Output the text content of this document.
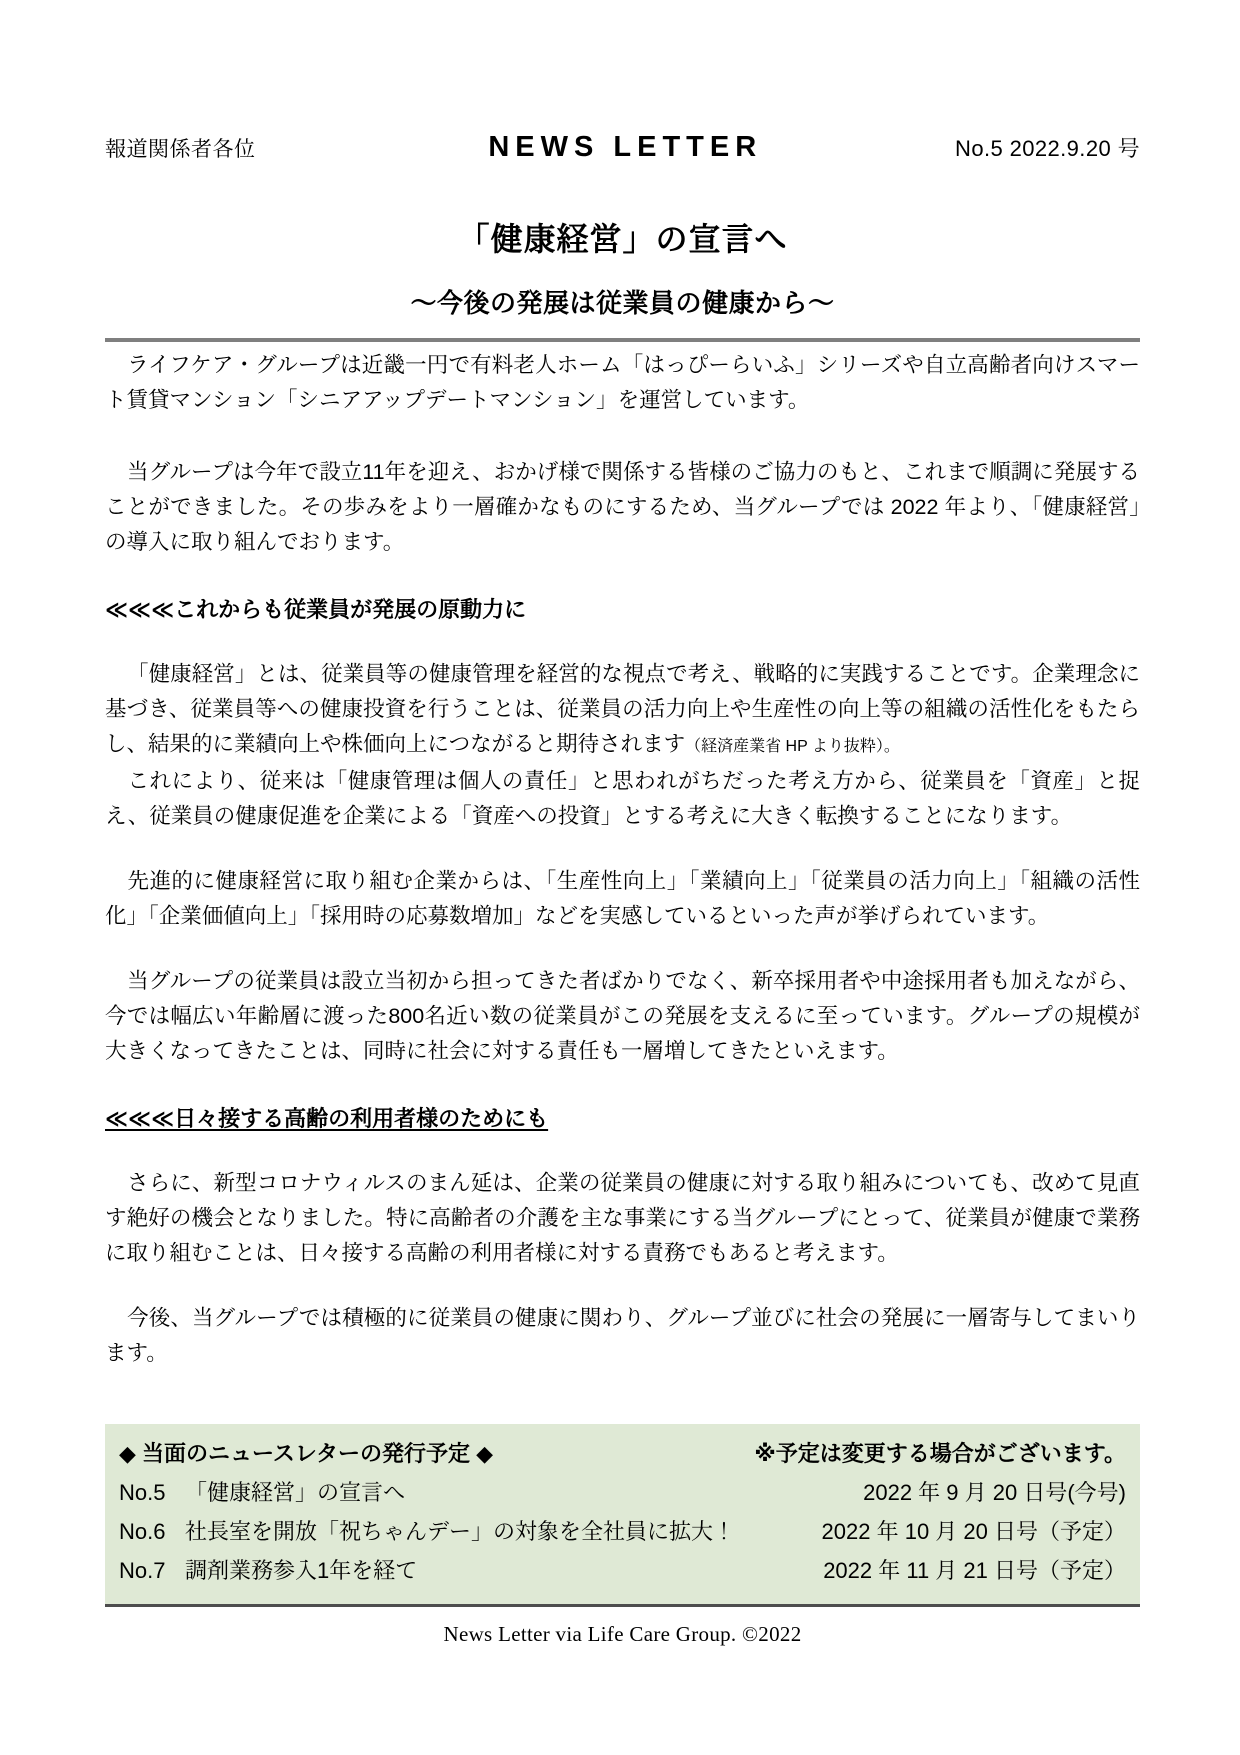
報道関係者各位	NEWS LETTER	No.5 2022.9.20 号
「健康経営」の宣言へ
〜今後の発展は従業員の健康から〜

ライフケア・グループは近畿一円で有料老人ホーム「はっぴーらいふ」シリーズや自立高齢者向けスマート賃貸マンション「シニアアップデートマンション」を運営しています。

当グループは今年で設立11年を迎え、おかげ様で関係する皆様のご協力のもと、これまで順調に発展することができました。その歩みをより一層確かなものにするため、当グループでは 2022 年より、「健康経営」の導入に取り組んでおります。

≪≪≪これからも従業員が発展の原動力に

「健康経営」とは、従業員等の健康管理を経営的な視点で考え、戦略的に実践することです。企業理念に基づき、従業員等への健康投資を行うことは、従業員の活力向上や生産性の向上等の組織の活性化をもたらし、結果的に業績向上や株価向上につながると期待されます（経済産業省 HP より抜粋）。

これにより、従来は「健康管理は個人の責任」と思われがちだった考え方から、従業員を「資産」と捉え、従業員の健康促進を企業による「資産への投資」とする考えに大きく転換することになります。

先進的に健康経営に取り組む企業からは、「生産性向上」「業績向上」「従業員の活力向上」「組織の活性化」「企業価値向上」「採用時の応募数増加」などを実感しているといった声が挙げられています。

当グループの従業員は設立当初から担ってきた者ばかりでなく、新卒採用者や中途採用者も加えながら、今では幅広い年齢層に渡った800名近い数の従業員がこの発展を支えるに至っています。グループの規模が大きくなってきたことは、同時に社会に対する責任も一層増してきたといえます。

≪≪≪日々接する高齢の利用者様のためにも

さらに、新型コロナウィルスのまん延は、企業の従業員の健康に対する取り組みについても、改めて見直す絶好の機会となりました。特に高齢者の介護を主な事業にする当グループにとって、従業員が健康で業務に取り組むことは、日々接する高齢の利用者様に対する責務でもあると考えます。

今後、当グループでは積極的に従業員の健康に関わり、グループ並びに社会の発展に一層寄与してまいります。

◆ 当面のニュースレターの発行予定 ◆	※予定は変更する場合がございます。
No.5 「健康経営」の宣言へ	2022 年 9 月 20 日号(今号)
No.6 社長室を開放「祝ちゃんデー」の対象を全社員に拡大！	2022 年 10 月 20 日号（予定）
No.7 調剤業務参入1年を経て	2022 年 11 月 21 日号（予定）
News Letter via Life Care Group. ©2022
